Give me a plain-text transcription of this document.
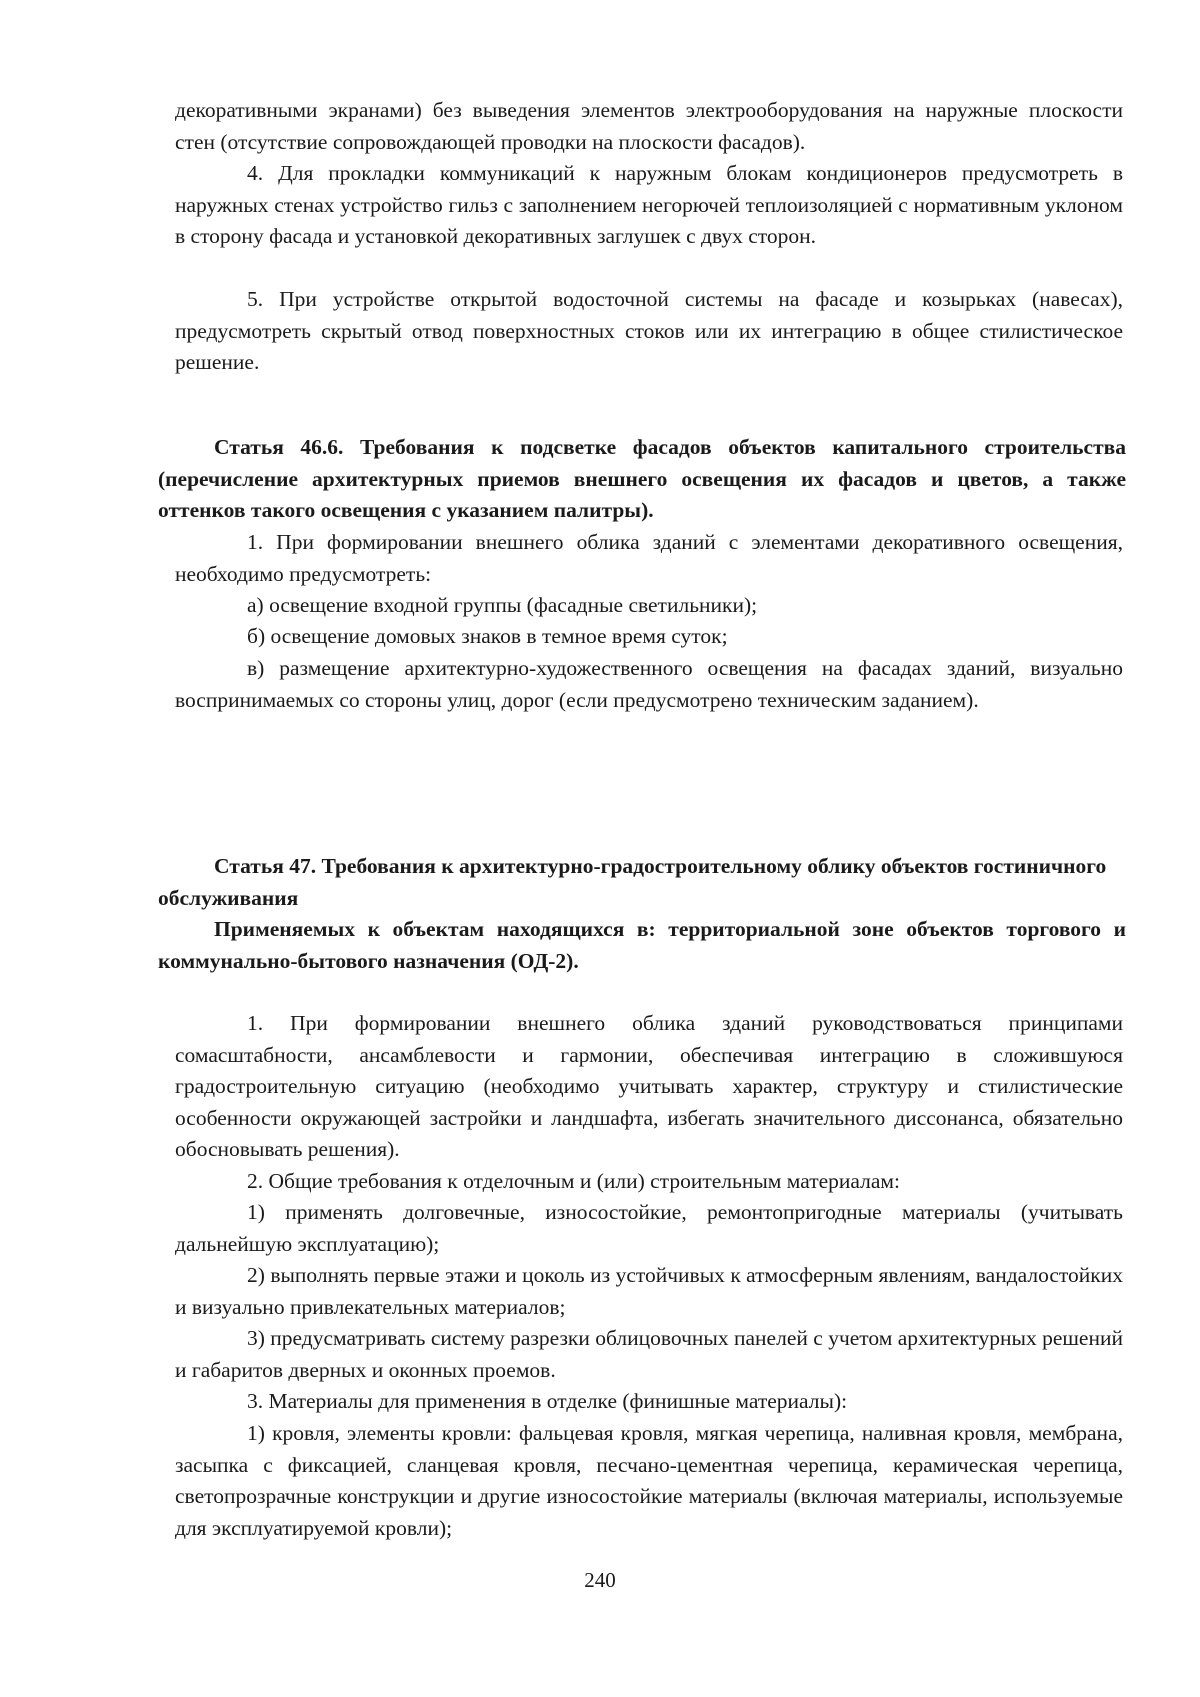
декоративными экранами) без выведения элементов электрооборудования на наружные плоскости стен (отсутствие сопровождающей проводки на плоскости фасадов).

4. Для прокладки коммуникаций к наружным блокам кондиционеров предусмотреть в наружных стенах устройство гильз с заполнением негорючей теплоизоляцией с нормативным уклоном в сторону фасада и установкой декоративных заглушек с двух сторон.

5. При устройстве открытой водосточной системы на фасаде и козырьках (навесах), предусмотреть скрытый отвод поверхностных стоков или их интеграцию в общее стилистическое решение.

Статья 46.6. Требования к подсветке фасадов объектов капитального строительства (перечисление архитектурных приемов внешнего освещения их фасадов и цветов, а также оттенков такого освещения с указанием палитры).

1. При формировании внешнего облика зданий с элементами декоративного освещения, необходимо предусмотреть:

а) освещение входной группы (фасадные светильники);

б) освещение домовых знаков в темное время суток;

в) размещение архитектурно-художественного освещения на фасадах зданий, визуально воспринимаемых со стороны улиц, дорог (если предусмотрено техническим заданием).

Статья 47. Требования к архитектурно-градостроительному облику объектов гостиничного обслуживания

Применяемых к объектам находящихся в: территориальной зоне объектов торгового и коммунально-бытового назначения (ОД-2).

1. При формировании внешнего облика зданий руководствоваться принципами сомасштабности, ансамблевости и гармонии, обеспечивая интеграцию в сложившуюся градостроительную ситуацию (необходимо учитывать характер, структуру и стилистические особенности окружающей застройки и ландшафта, избегать значительного диссонанса, обязательно обосновывать решения).

2. Общие требования к отделочным и (или) строительным материалам:

1) применять долговечные, износостойкие, ремонтопригодные материалы (учитывать дальнейшую эксплуатацию);

2) выполнять первые этажи и цоколь из устойчивых к атмосферным явлениям, вандалостойких и визуально привлекательных материалов;

3) предусматривать систему разрезки облицовочных панелей с учетом архитектурных решений и габаритов дверных и оконных проемов.

3. Материалы для применения в отделке (финишные материалы):

1) кровля, элементы кровли: фальцевая кровля, мягкая черепица, наливная кровля, мембрана, засыпка с фиксацией, сланцевая кровля, песчано-цементная черепица, керамическая черепица, светопрозрачные конструкции и другие износостойкие материалы (включая материалы, используемые для эксплуатируемой кровли);

240
